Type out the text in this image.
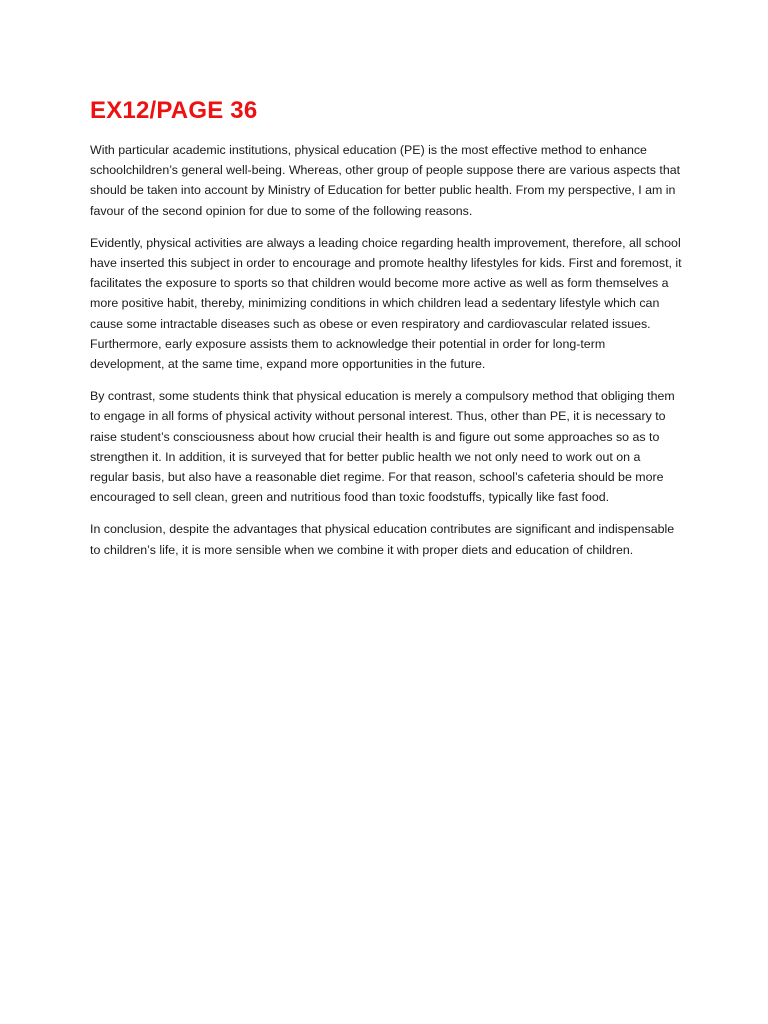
EX12/PAGE 36

With particular academic institutions, physical education (PE) is the most effective method to enhance schoolchildren’s general well-being. Whereas, other group of people suppose there are various aspects that should be taken into account by Ministry of Education for better public health. From my perspective, I am in favour of the second opinion for due to some of the following reasons.

Evidently, physical activities are always a leading choice regarding health improvement, therefore, all school have inserted this subject in order to encourage and promote healthy lifestyles for kids. First and foremost, it facilitates the exposure to sports so that children would become more active as well as form themselves a more positive habit, thereby, minimizing conditions in which children lead a sedentary lifestyle which can cause some intractable diseases such as obese or even respiratory and cardiovascular related issues. Furthermore, early exposure assists them to acknowledge their potential in order for long-term development, at the same time, expand more opportunities in the future.

By contrast, some students think that physical education is merely a compulsory method that obliging them to engage in all forms of physical activity without personal interest. Thus, other than PE, it is necessary to raise student’s consciousness about how crucial their health is and figure out some approaches so as to strengthen it. In addition, it is surveyed that for better public health we not only need to work out on a regular basis, but also have a reasonable diet regime. For that reason, school’s cafeteria should be more encouraged to sell clean, green and nutritious food than toxic foodstuffs, typically like fast food.

In conclusion, despite the advantages that physical education contributes are significant and indispensable to children’s life, it is more sensible when we combine it with proper diets and education of children.
